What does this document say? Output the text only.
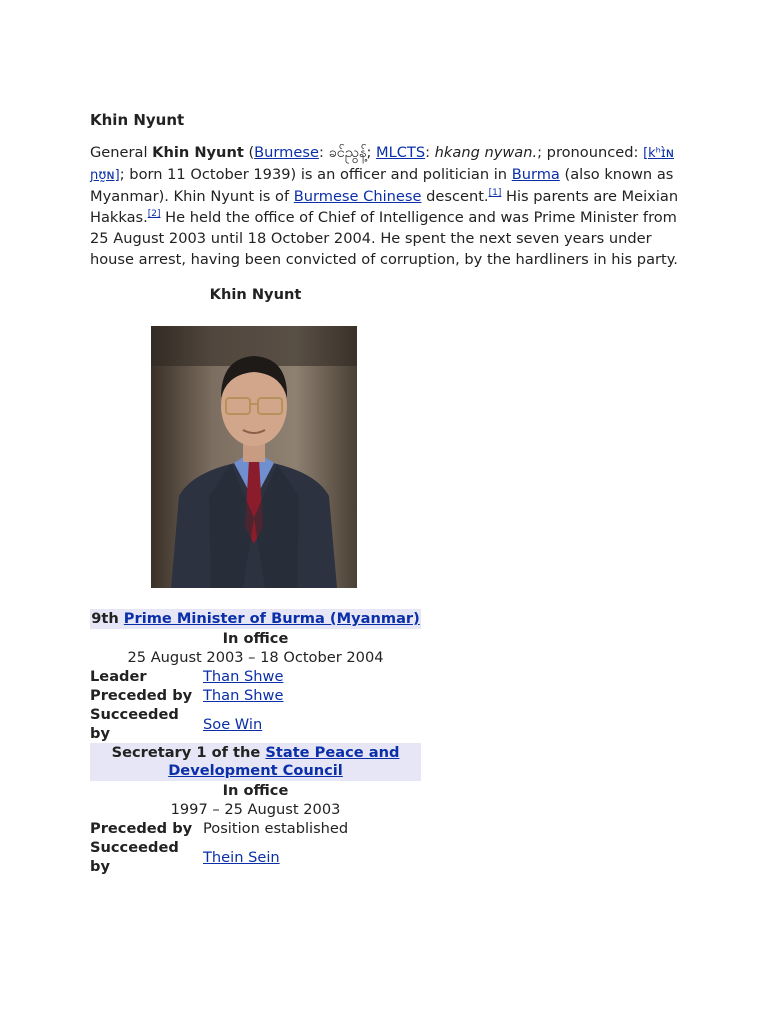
Khin Nyunt

General Khin Nyunt (Burmese: ခင်ညွန့်; MLCTS: hkang nywan.; pronounced: [kʰɪ̀ɴ ɲʊ̰ɴ]; born 11 October 1939) is an officer and politician in Burma (also known as Myanmar). Khin Nyunt is of Burmese Chinese descent.[1] His parents are Meixian Hakkas.[2] He held the office of Chief of Intelligence and was Prime Minister from 25 August 2003 until 18 October 2004. He spent the next seven years under house arrest, having been convicted of corruption, by the hardliners in his party.

Khin Nyunt
9th Prime Minister of Burma (Myanmar)
In office
25 August 2003 – 18 October 2004
Leader	Than Shwe
Preceded by	Than Shwe
Succeeded by	Soe Win
Secretary 1 of the State Peace and Development Council
In office
1997 – 25 August 2003
Preceded by	Position established
Succeeded by	Thein Sein
